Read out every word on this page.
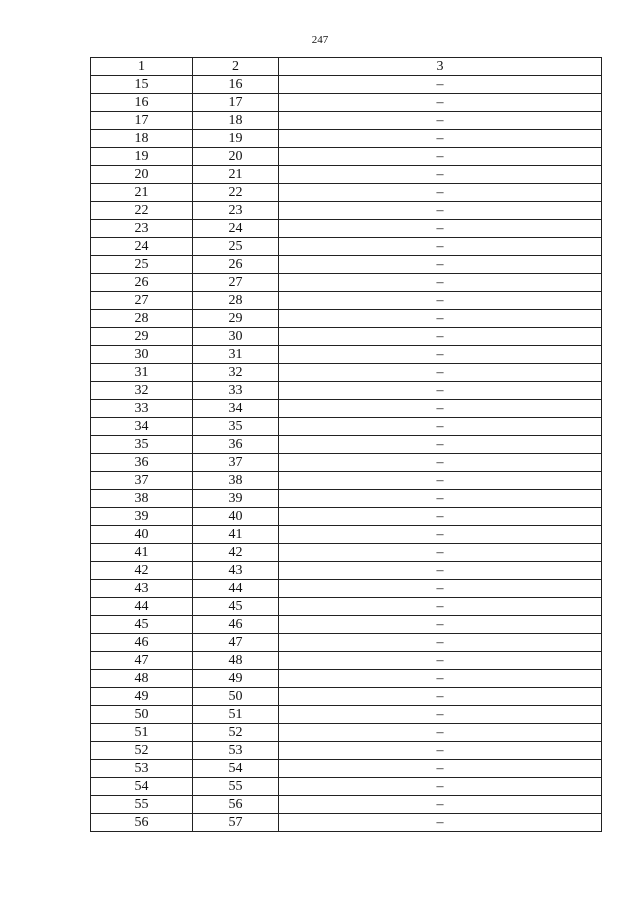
247
1	2	3
15	16	–
16	17	–
17	18	–
18	19	–
19	20	–
20	21	–
21	22	–
22	23	–
23	24	–
24	25	–
25	26	–
26	27	–
27	28	–
28	29	–
29	30	–
30	31	–
31	32	–
32	33	–
33	34	–
34	35	–
35	36	–
36	37	–
37	38	–
38	39	–
39	40	–
40	41	–
41	42	–
42	43	–
43	44	–
44	45	–
45	46	–
46	47	–
47	48	–
48	49	–
49	50	–
50	51	–
51	52	–
52	53	–
53	54	–
54	55	–
55	56	–
56	57	–
